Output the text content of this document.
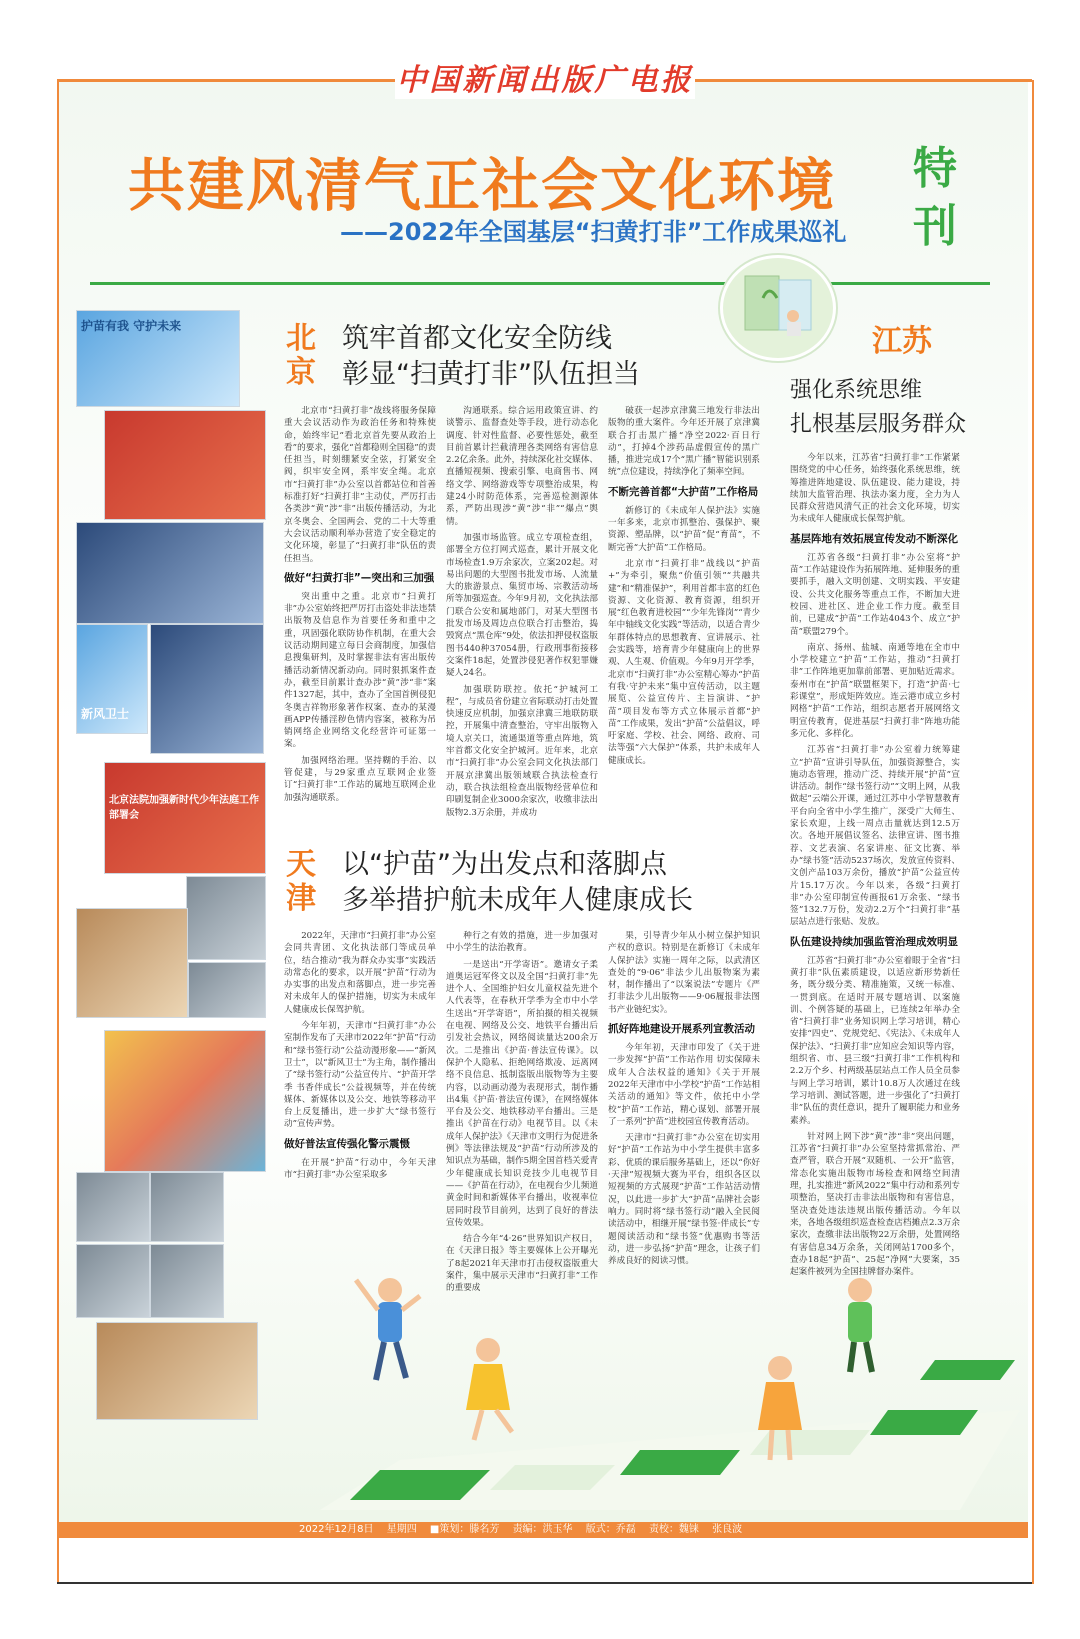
中国新闻出版广电报
共建风清气正社会文化环境
——2022年全国基层“扫黄打非”工作成果巡礼
特刊
护苗有我 守护未来
新风卫士
北京法院加强新时代少年法庭工作部署会
北京
筑牢首都文化安全防线
彰显“扫黄打非”队伍担当

北京市“扫黄打非”战线将服务保障重大会议活动作为政治任务和特殊使命，始终牢记“看北京首先要从政治上看”的要求，强化“首都稳则全国稳”的责任担当，时刻绷紧安全弦，打紧安全阀，织牢安全网，系牢安全绳。北京市“扫黄打非”办公室以首都站位和首善标准打好“扫黄打非”主动仗，严厉打击各类涉“黄”涉“非”出版传播活动，为北京冬奥会、全国两会、党的二十大等重大会议活动顺利举办营造了安全稳定的文化环境，彰显了“扫黄打非”队伍的责任担当。

做好“扫黄打非”—突出和三加强

突出重中之重。北京市“扫黄打非”办公室始终把严厉打击盗处非法违禁出版物及信息作为首要任务和重中之重，巩固强化联防协作机制，在重大会议活动期间建立每日会商制度，加强信息搜集研判，及时掌握非法有害出版传播活动新情况新动向。同时狠抓案件查办，截至目前累计查办涉“黄”涉“非”案件1327起，其中，查办了全国首例侵犯冬奥吉祥物形象著作权案、查办的某漫画APP传播淫秽色情内容案，被称为吊销网络企业网络文化经营许可证第一案。

加强网络治理。坚持糊的手治、以管促建，与29家重点互联网企业签订“扫黄打非”工作站的属地互联网企业加强沟通联系。

沟通联系。综合运用政策宣讲、约谈警示、监督查处等手段，进行动态化调度、针对性监督、必要性惩处，截至目前首累计拦截清理各类网络有害信息2.2亿余条。此外，持续深化社交媒体、直播短视频、搜索引擎、电商售书、网络文学、网络游戏等专项整治成果，构建24小时防范体系，完善巡检测源体系，严防出现涉“黄”涉“非”“爆点”舆情。

加强市场监管。成立专项检查组，部署全方位打网式巡查，累计开展文化市场检查1.9万余家次，立案202起。对易出问题的大型图书批发市场、人流量大的旅游景点、集贸市场、宗教活动场所等加强巡查。今年9月初，文化执法部门联合公安和属地部门，对某大型图书批发市场及周边点位联合打击整治，捣毁窝点“黑仓库”9处，依法扣押侵权盗版图书440种37054册，行政刑事衔接移交案件18起，处置涉侵犯著作权犯罪嫌疑人24名。

加强联防联控。依托“护城河工程”，与成员省份建立省际联动打击处置快速反应机制，加强京津冀三地联防联控，开展集中清查整治，守牢出版物入境人京关口，流通渠道等重点阵地，筑牢首都文化安全护城河。近年来，北京市“扫黄打非”办公室会同文化执法部门开展京津冀出版领域联合执法检查行动，联合执法组检查出版物经营单位和印刷复制企业3000余家次，收缴非法出版物2.3万余册，并成功

破获一起涉京津冀三地发行非法出版物的重大案件。今年还开展了京津冀联合打击黑广播“净空2022·百日行动”，打掉4个涉药品虚假宣传的黑广播，推进完成17个“黑广播”智能识别系统”点位建设，持续净化了频率空间。

不断完善首都“大护苗”工作格局

新修订的《未成年人保护法》实施一年多来，北京市抓整治、强保护、聚资源、塑品牌，以“护苗”促“育苗”，不断完善“大护苗”工作格局。

北京市“扫黄打非”战线以“护苗+”为牵引，聚焦“价值引领”“共融共建”和“精准保护”，利用首都丰富的红色资源、文化资源、教育资源，组织开展“红色教育进校园”“少年先锋岗”“青少年中轴线文化实践”等活动，以适合青少年群体特点的思想教育、宣讲展示、社会实践等，培育青少年健康向上的世界观、人生观、价值观。今年9月开学季，北京市“扫黄打非”办公室精心筹办“护苗有我·守护未来”集中宣传活动，以主题展览、公益宣传片、主旨演讲、“护苗”项目发布等方式立体展示首都“护苗”工作成果，发出“护苗”公益倡议，呼吁家庭、学校、社会、网络、政府、司法等强“六大保护”体系，共护未成年人健康成长。

天津
以“护苗”为出发点和落脚点
多举措护航未成年人健康成长

2022年，天津市“扫黄打非”办公室会同共青团、文化执法部门等成员单位，结合推动“我为群众办实事”实践活动常态化的要求，以开展“护苗”行动为办实事的出发点和落脚点，进一步完善对未成年人的保护措施，切实为未成年人健康成长保驾护航。

今年年初，天津市“扫黄打非”办公室制作发布了天津市2022年“护苗”行动和“绿书签行动”公益动漫形象——“新风卫士”，以“新风卫士”为主角，制作播出了“绿书签行动”公益宣传片、“护苗开学季 书香伴成长”公益视频等，并在传统媒体、新媒体以及公交、地铁等移动平台上反复播出，进一步扩大“绿书签行动”宣传声势。

做好普法宣传强化警示震慑

在开展“护苗”行动中，今年天津市“扫黄打非”办公室采取多

种行之有效的措施，进一步加强对中小学生的法治教育。

一是送出“开学寄语”。邀请女子柔道奥运冠军佟文以及全国“扫黄打非”先进个人、全国维护妇女儿童权益先进个人代表等，在春秋开学季为全市中小学生送出“开学寄语”，所拍摄的相关视频在电视、网络及公交、地铁平台播出后引发社会热议，网络阅读量达200余万次。二是推出《护苗·普法宣传课》。以保护个人隐私、拒绝网络欺凌、远离网络不良信息、抵制盗版出版物等为主要内容，以动画动漫为表现形式，制作播出4集《护苗·普法宣传课》，在网络媒体平台及公交、地铁移动平台播出。三是推出《护苗在行动》电视节目。以《未成年人保护法》《天津市文明行为促进条例》等法律法规及“护苗”行动所涉及的知识点为基础，制作5期全国首档关爱青少年健康成长知识竞技少儿电视节目——《护苗在行动》，在电视台少儿频道黄金时间和新媒体平台播出，收视率位居同时段节目前列，达到了良好的普法宣传效果。

结合今年“4·26”世界知识产权日，在《天津日报》等主要媒体上公开曝光了8起2021年天津市打击侵权盗版重大案件，集中展示天津市“扫黄打非”工作的重要成

果，引导青少年从小树立保护知识产权的意识。特别是在新修订《未成年人保护法》实施一周年之际，以武清区查处的“9·06”非法少儿出版物案为素材，制作播出了“以案说法”专题片《严打非法少儿出版物——9·06履报非法图书产业链纪实》。

抓好阵地建设开展系列宣教活动

今年年初，天津市印发了《关于进一步发挥“护苗”工作站作用 切实保障未成年人合法权益的通知》《关于开展2022年天津市中小学校“护苗”工作站相关活动的通知》等文件，依托中小学校“护苗”工作站，精心谋划、部署开展了一系列“护苗”进校园宣传教育活动。

天津市“扫黄打非”办公室在切实用好“护苗”工作站为中小学生提供丰富多彩、优质的课后服务基础上，还以“你好·天津”短视频大赛为平台，组织各区以短视频的方式展现“护苗”工作站活动情况，以此进一步扩大“护苗”品牌社会影响力。同时将“绿书签行动”融入全民阅读活动中，相继开展“绿书签·伴成长”专题阅读活动和“绿书签”优惠购书等活动，进一步弘扬“护苗”理念，让孩子们养成良好的阅读习惯。

江苏
强化系统思维
扎根基层服务群众

今年以来，江苏省“扫黄打非”工作紧紧围绕党的中心任务，始终强化系统思维，统筹推进阵地建设、队伍建设、能力建设，持续加大监管治理、执法办案力度，全力为人民群众营造风清气正的社会文化环境，切实为未成年人健康成长保驾护航。

基层阵地有效拓展宣传发动不断深化

江苏省各级“扫黄打非”办公室将“护苗”工作站建设作为拓展阵地、延伸服务的重要抓手，融入文明创建、文明实践、平安建设、公共文化服务等重点工作，不断加大进校园、进社区、进企业工作力度。截至目前，已建成“护苗”工作站4043个、成立“护苗”联盟279个。

南京、扬州、盐城、南通等地在全市中小学校建立“护苗”工作站，推动“扫黄打非”工作阵地更加靠前部署、更加贴近需求。泰州市在“护苗”联盟框架下，打造“护苗·七彩课堂”，形成矩阵效应。连云港市成立乡村网格“护苗”工作站，组织志愿者开展网络文明宣传教育，促进基层“扫黄打非”阵地功能多元化、多样化。

江苏省“扫黄打非”办公室着力统筹建立“护苗”宣讲引导队伍，加强资源整合，实施动态管理，推动广泛、持续开展“护苗”宣讲活动。制作“绿书签行动”“文明上网，从我做起”云端公开课，通过江苏中小学智慧教育平台向全省中小学生推广，深受广大师生、家长欢迎，上线一周点击量就达到12.5万次。各地开展倡议签名、法律宣讲、图书推荐、文艺表演、名家讲座、征文比赛、举办“绿书签”活动5237场次，发放宣传资料、文创产品103万余份，播放“护苗”公益宣传片15.17万次。今年以来，各级“扫黄打非”办公室印制宣传画报61万余张、“绿书签”132.7万份，发动2.2万个“扫黄打非”基层站点进行张贴、发放。

队伍建设持续加强监管治理成效明显

江苏省“扫黄打非”办公室着眼于全省“扫黄打非”队伍素质建设，以适应新形势新任务，既分级分类、精准施策，又统一标准、一贯到底。在适时开展专题培训、以案施训、个例答疑的基础上，已连续2年举办全省“扫黄打非”业务知识网上学习培训，精心安排“四史”、党规党纪、《宪法》、《未成年人保护法》、“扫黄打非”应知应会知识等内容，组织省、市、县三级“扫黄打非”工作机构和2.2万个乡、村两级基层站点工作人员全员参与网上学习培训，累计10.8万人次通过在线学习培训、测试答题，进一步强化了“扫黄打非”队伍的责任意识，提升了履职能力和业务素养。

针对网上网下涉“黄”涉“非”突出问题，江苏省“扫黄打非”办公室坚持常抓常治、严查严管，联合开展“双随机、一公开”监管，常态化实施出版物市场检查和网络空间清理，扎实推进“新风2022”集中行动和系列专项整治，坚决打击非法出版物和有害信息，坚决查处违法违规出版传播活动。今年以来，各地各级组织巡查检查店档摊点2.3万余家次，查缴非法出版物22万余册，处置网络有害信息34万余条，关闭网站1700多个，查办18起“护苗”、25起“净网”大要案，35起案件被列为全国挂牌督办案件。

2022年12月8日 星期四 ■策划：滕名芳 责编：洪玉华 版式：乔磊 责校：魏铼 张良波
